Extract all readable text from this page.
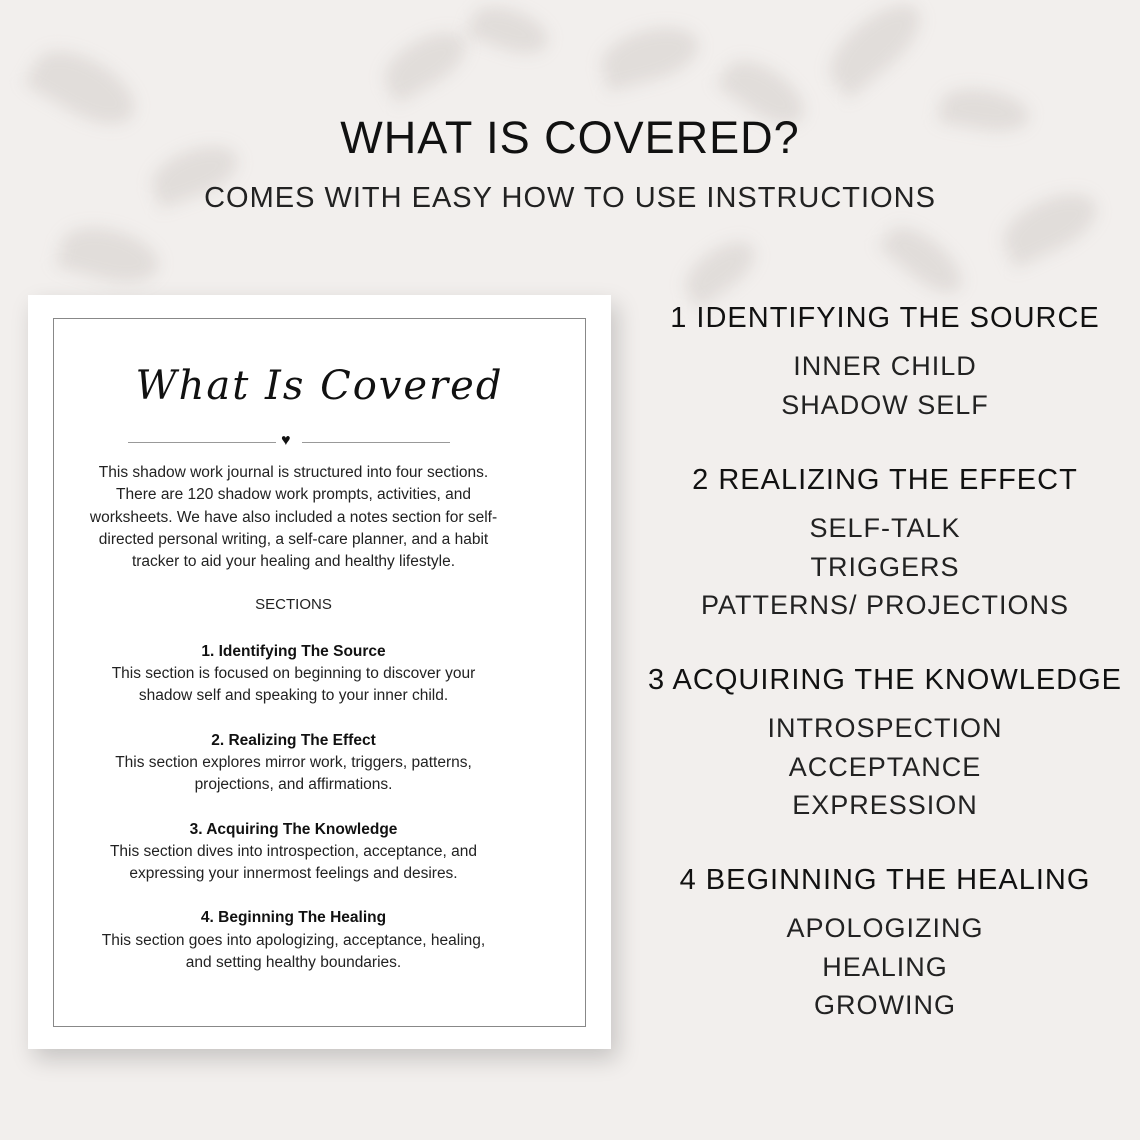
WHAT IS COVERED?
COMES WITH EASY HOW TO USE INSTRUCTIONS
What Is Covered
♥

This shadow work journal is structured into four sections.
There are 120 shadow work prompts, activities, and
worksheets. We have also included a notes section for self-
directed personal writing, a self-care planner, and a habit
tracker to aid your healing and healthy lifestyle.

SECTIONS

1. Identifying The Source
This section is focused on beginning to discover your
shadow self and speaking to your inner child.
2. Realizing The Effect
This section explores mirror work, triggers, patterns,
projections, and affirmations.
3. Acquiring The Knowledge
This section dives into introspection, acceptance, and
expressing your innermost feelings and desires.
4. Beginning The Healing
This section goes into apologizing, acceptance, healing,
and setting healthy boundaries.
1 IDENTIFYING THE SOURCE
INNER CHILD
SHADOW SELF
2 REALIZING THE EFFECT
SELF-TALK
TRIGGERS
PATTERNS/ PROJECTIONS
3 ACQUIRING THE KNOWLEDGE
INTROSPECTION
ACCEPTANCE
EXPRESSION
4 BEGINNING THE HEALING
APOLOGIZING
HEALING
GROWING
